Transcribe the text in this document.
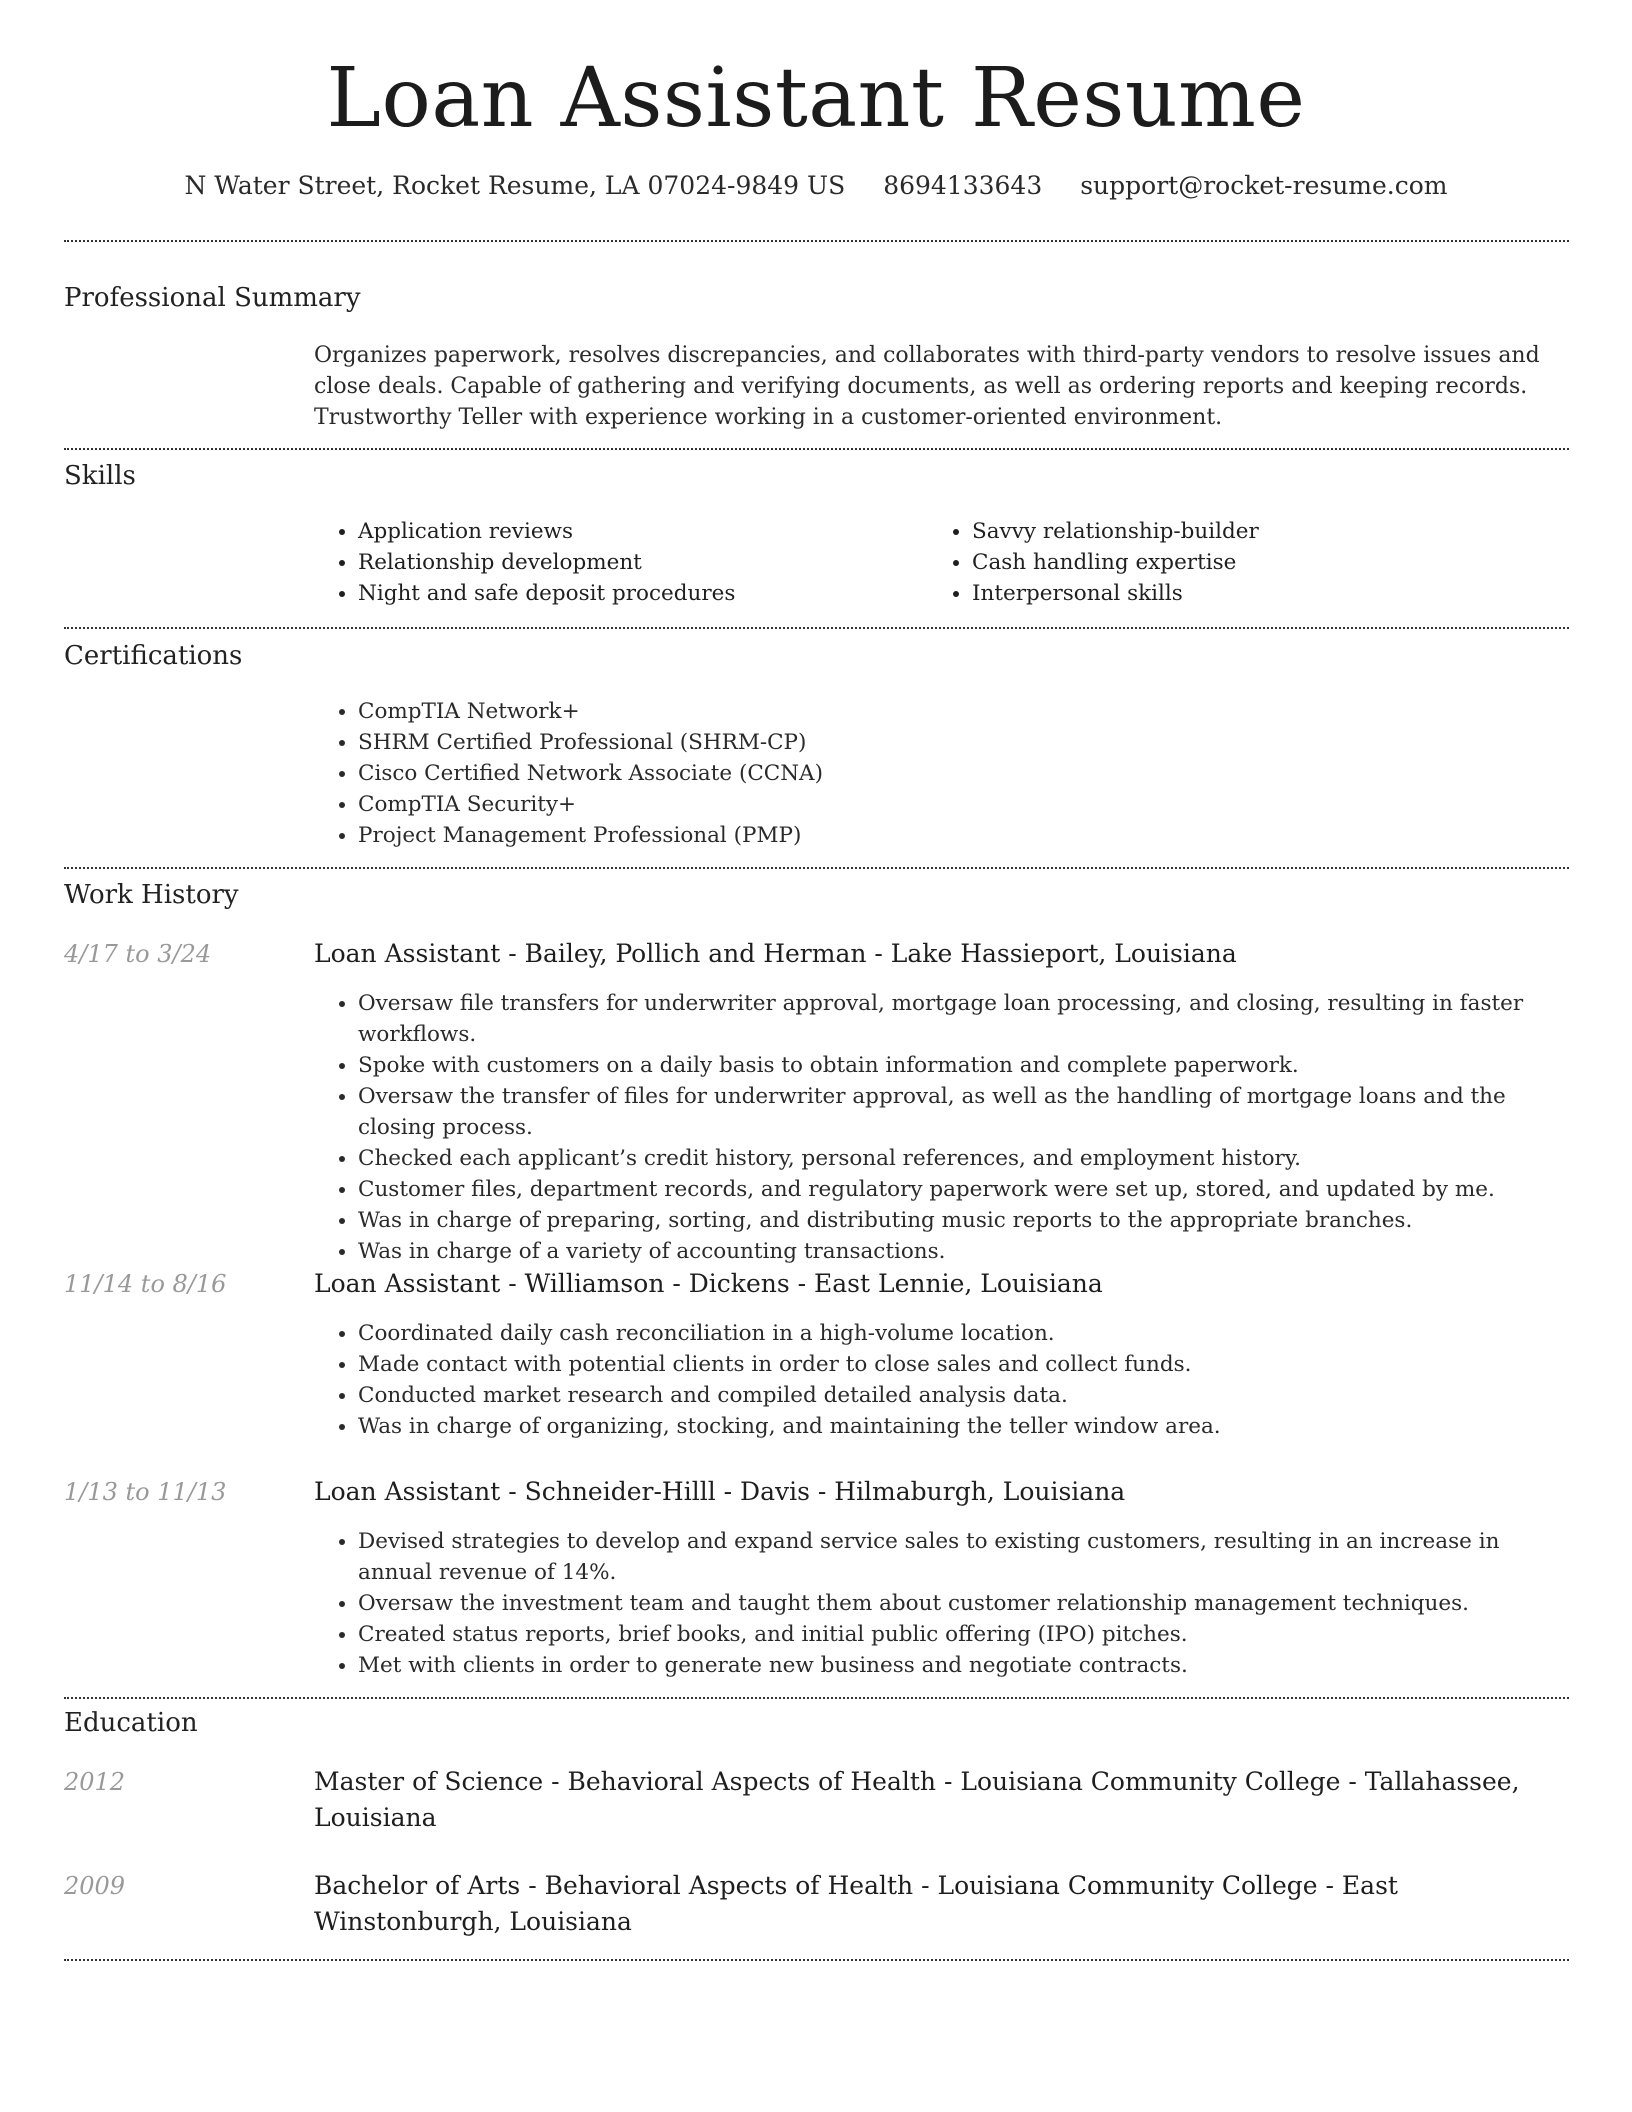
Loan Assistant Resume
N Water Street, Rocket Resume, LA 07024-9849 US 8694133643 support@rocket-resume.com
Professional Summary
Organizes paperwork, resolves discrepancies, and collaborates with third-party vendors to resolve issues and close deals. Capable of gathering and verifying documents, as well as ordering reports and keeping records. Trustworthy Teller with experience working in a customer-oriented environment.
Skills
• Application reviews
• Relationship development
• Night and safe deposit procedures
• Savvy relationship-builder
• Cash handling expertise
• Interpersonal skills
Certifications
• CompTIA Network+
• SHRM Certified Professional (SHRM-CP)
• Cisco Certified Network Associate (CCNA)
• CompTIA Security+
• Project Management Professional (PMP)
Work History
4/17 to 3/24	Loan Assistant - Bailey, Pollich and Herman - Lake Hassieport, Louisiana
• Oversaw file transfers for underwriter approval, mortgage loan processing, and closing, resulting in faster workflows.
• Spoke with customers on a daily basis to obtain information and complete paperwork.
• Oversaw the transfer of files for underwriter approval, as well as the handling of mortgage loans and the closing process.
• Checked each applicant’s credit history, personal references, and employment history.
• Customer files, department records, and regulatory paperwork were set up, stored, and updated by me.
• Was in charge of preparing, sorting, and distributing music reports to the appropriate branches.
• Was in charge of a variety of accounting transactions.
11/14 to 8/16	Loan Assistant - Williamson - Dickens - East Lennie, Louisiana
• Coordinated daily cash reconciliation in a high-volume location.
• Made contact with potential clients in order to close sales and collect funds.
• Conducted market research and compiled detailed analysis data.
• Was in charge of organizing, stocking, and maintaining the teller window area.
1/13 to 11/13	Loan Assistant - Schneider-Hilll - Davis - Hilmaburgh, Louisiana
• Devised strategies to develop and expand service sales to existing customers, resulting in an increase in annual revenue of 14%.
• Oversaw the investment team and taught them about customer relationship management techniques.
• Created status reports, brief books, and initial public offering (IPO) pitches.
• Met with clients in order to generate new business and negotiate contracts.
Education
2012	Master of Science - Behavioral Aspects of Health - Louisiana Community College - Tallahassee, Louisiana
2009	Bachelor of Arts - Behavioral Aspects of Health - Louisiana Community College - East Winstonburgh, Louisiana
